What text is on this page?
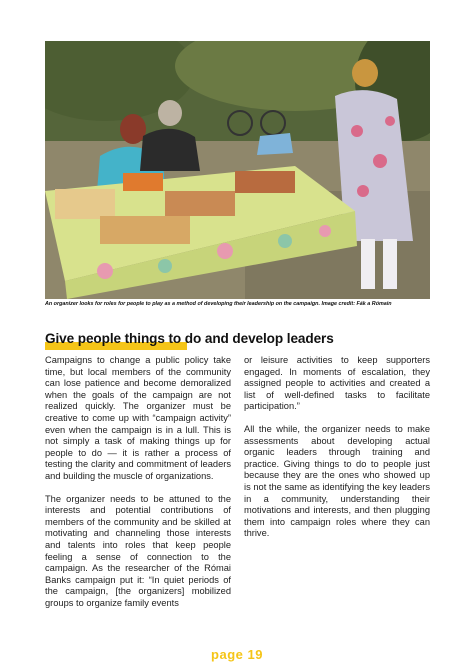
An organizer looks for roles for people to play as a method of developing their leadership on the campaign. Image credit: Fák a Rómain
Give people things to do and develop leaders

Campaigns to change a public policy take time, but local members of the community can lose patience and become demoralized when the goals of the campaign are not realized quickly. The organizer must be creative to come up with “campaign activity” even when the campaign is in a lull. This is not simply a task of making things up for people to do — it is rather a process of testing the clarity and commitment of leaders and building the muscle of organizations.

The organizer needs to be attuned to the interests and potential contributions of members of the community and be skilled at motivating and channeling those interests and talents into roles that keep people feeling a sense of connection to the campaign. As the researcher of the Római Banks campaign put it: “In quiet periods of the campaign, [the organizers] mobilized groups to organize family events

or leisure activities to keep supporters engaged. In moments of escalation, they assigned people to activities and created a list of well-defined tasks to facilitate participation.”

All the while, the organizer needs to make assessments about developing actual organic leaders through training and practice. Giving things to do to people just because they are the ones who showed up is not the same as identifying the key leaders in a community, understanding their motivations and interests, and then plugging them into campaign roles where they can thrive.

page 19
